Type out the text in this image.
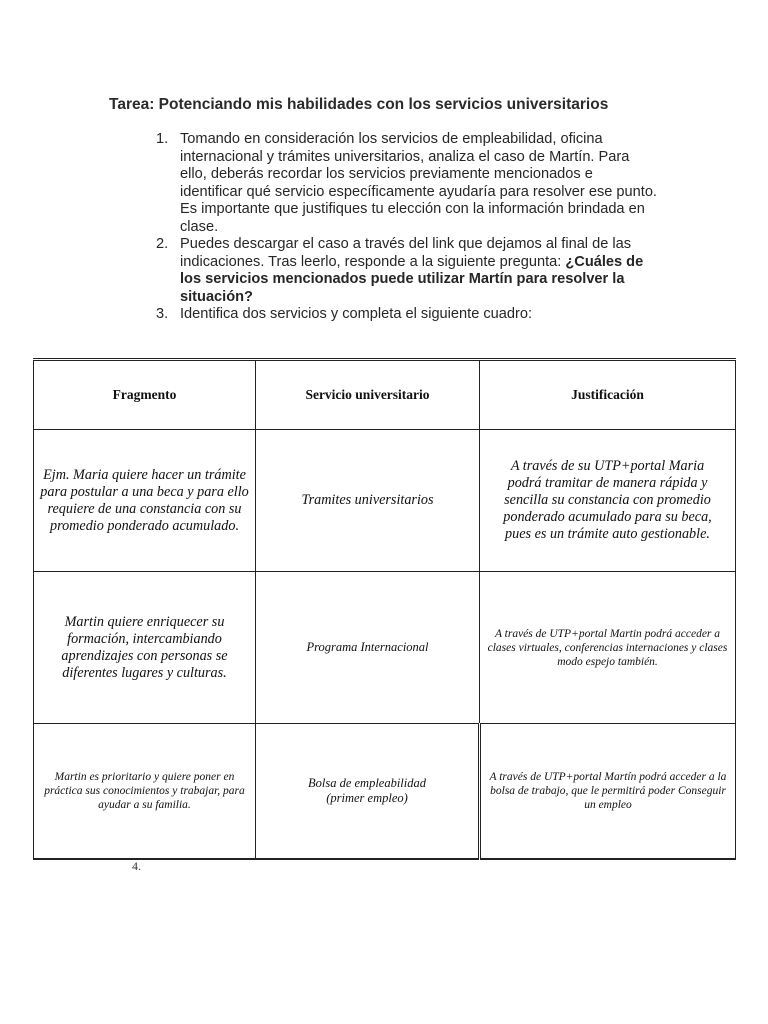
Tarea: Potenciando mis habilidades con los servicios universitarios
1. Tomando en consideración los servicios de empleabilidad, oficina internacional y trámites universitarios, analiza el caso de Martín. Para ello, deberás recordar los servicios previamente mencionados e identificar qué servicio específicamente ayudaría para resolver ese punto. Es importante que justifiques tu elección con la información brindada en clase.
2. Puedes descargar el caso a través del link que dejamos al final de las indicaciones. Tras leerlo, responde a la siguiente pregunta: ¿Cuáles de los servicios mencionados puede utilizar Martín para resolver la situación?
3. Identifica dos servicios y completa el siguiente cuadro:
Fragmento	Servicio universitario	Justificación
Ejm. Maria quiere hacer un trámite para postular a una beca y para ello requiere de una constancia con su promedio ponderado acumulado.	Tramites universitarios	A través de su UTP+portal Maria podrá tramitar de manera rápida y sencilla su constancia con promedio ponderado acumulado para su beca, pues es un trámite auto gestionable.
Martin quiere enriquecer su formación, intercambiando aprendizajes con personas se diferentes lugares y culturas.	Programa Internacional	A través de UTP+portal Martin podrá acceder a clases virtuales, conferencias internaciones y clases modo espejo también.
Martin es prioritario y quiere poner en práctica sus conocimientos y trabajar, para ayudar a su familia.	Bolsa de empleabilidad (primer empleo)	A través de UTP+portal Martín podrá acceder a la bolsa de trabajo, que le permitirá poder Conseguir un empleo
4.
